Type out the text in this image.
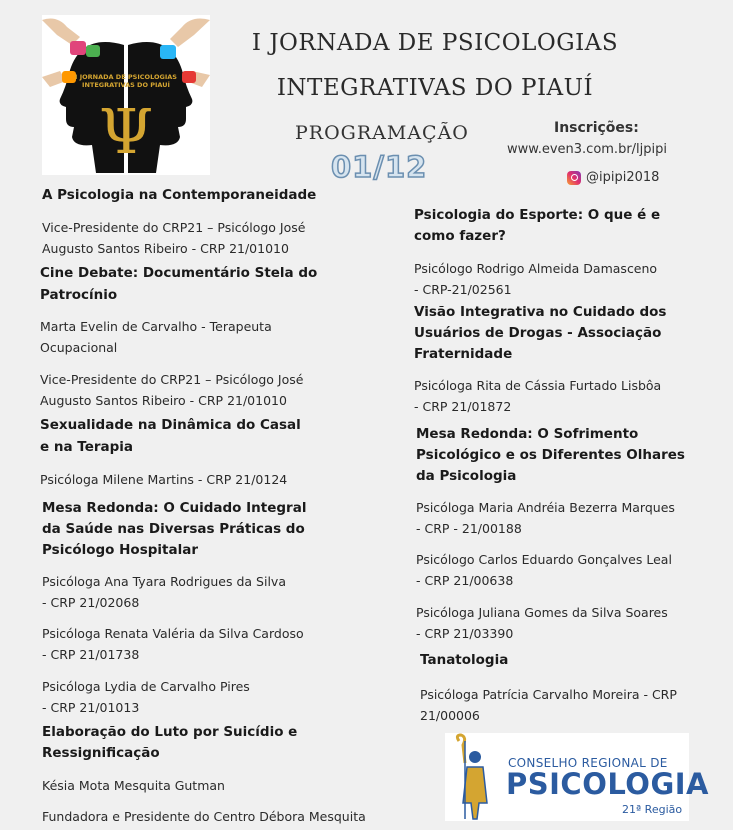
I JORNADA DE PSICOLOGIAS
INTEGRATIVAS DO PIAUÍ
Ψ
I JORNADA DE PSICOLOGIAS
INTEGRATIVAS DO PIAUÍ
PROGRAMAÇÃO
01/12
Inscrições:
www.even3.com.br/ljpipi
@ipipi2018

A Psicologia na Contemporaneidade

Vice-Presidente do CRP21 – Psicólogo José

Augusto Santos Ribeiro - CRP 21/01010

Cine Debate: Documentário Stela do

Patrocínio

Marta Evelin de Carvalho - Terapeuta

Ocupacional

Vice-Presidente do CRP21 – Psicólogo José

Augusto Santos Ribeiro - CRP 21/01010

Sexualidade na Dinâmica do Casal

e na Terapia

Psicóloga Milene Martins - CRP 21/0124

Mesa Redonda: O Cuidado Integral

da Saúde nas Diversas Práticas do

Psicólogo Hospitalar

Psicóloga Ana Tyara Rodrigues da Silva

- CRP 21/02068

Psicóloga Renata Valéria da Silva Cardoso

- CRP 21/01738

Psicóloga Lydia de Carvalho Pires

- CRP 21/01013

Elaboração do Luto por Suicídio e

Ressignificação

Késia Mota Mesquita Gutman

Fundadora e Presidente do Centro Débora Mesquita

Psicologia do Esporte: O que é e

como fazer?

Psicólogo Rodrigo Almeida Damasceno

- CRP-21/02561

Visão Integrativa no Cuidado dos

Usuários de Drogas - Associação

Fraternidade

Psicóloga Rita de Cássia Furtado Lisbôa

- CRP 21/01872

Mesa Redonda: O Sofrimento

Psicológico e os Diferentes Olhares

da Psicologia

Psicóloga Maria Andréia Bezerra Marques

- CRP - 21/00188

Psicólogo Carlos Eduardo Gonçalves Leal

- CRP 21/00638

Psicóloga Juliana Gomes da Silva Soares

- CRP 21/03390

Tanatologia

Psicóloga Patrícia Carvalho Moreira - CRP

21/00006

CONSELHO REGIONAL DE
PSICOLOGIA
21ª Região
